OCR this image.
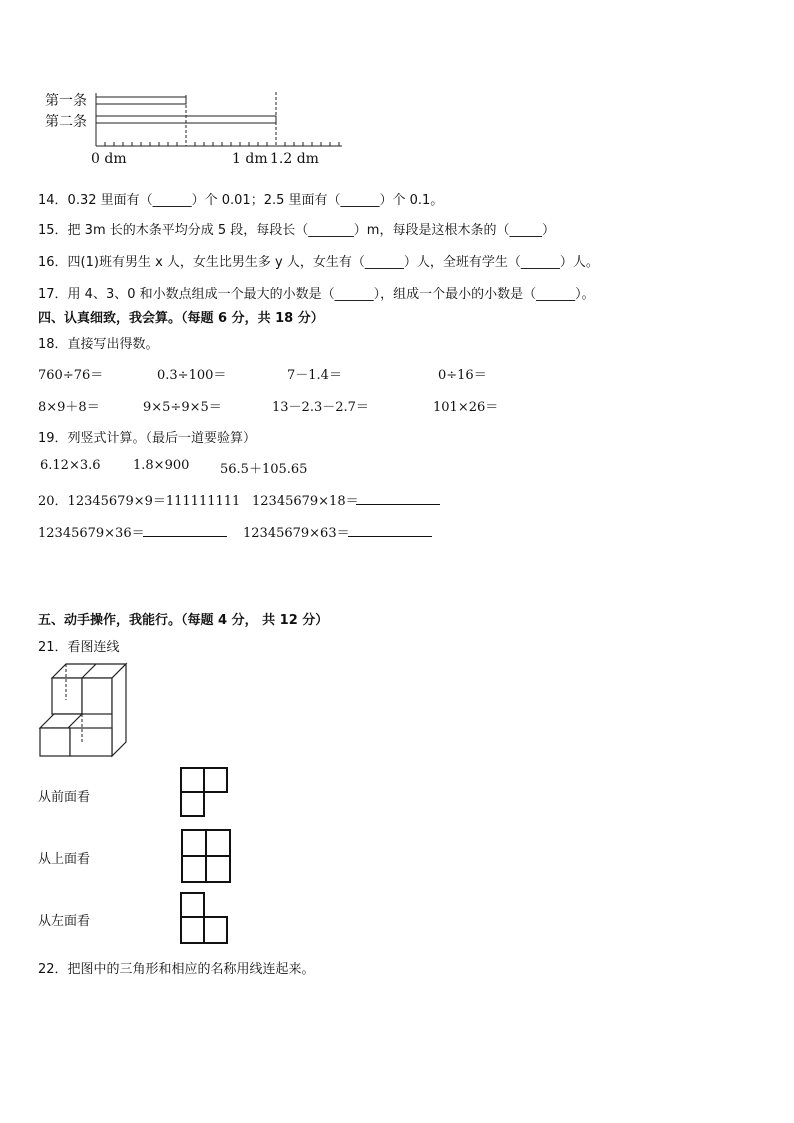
第一条
第二条
0 dm	1 dm 1.2 dm
14．0.32 里面有（______）个 0.01；2.5 里面有（______）个 0.1。
15．把 3m 长的木条平均分成 5 段，每段长（_______）m，每段是这根木条的（_____）
16．四(1)班有男生 x 人，女生比男生多 y 人，女生有（______）人，全班有学生（______）人。
17．用 4、3、0 和小数点组成一个最大的小数是（______），组成一个最小的小数是（______）。
四、认真细致，我会算。（每题 6 分，共 18 分）
18．直接写出得数。
760÷76＝	0.3÷100＝	7－1.4＝	0÷16＝
8×9＋8＝	9×5÷9×5＝	13－2.3－2.7＝	101×26＝
19．列竖式计算。（最后一道要验算）
6.12×3.6 1.8×900 56.5＋105.65
20．12345679×9＝111111111 12345679×18＝
12345679×36＝	12345679×63＝
五、动手操作，我能行。（每题 4 分， 共 12 分）
21．看图连线
从前面看
从上面看
从左面看
22．把图中的三角形和相应的名称用线连起来。
